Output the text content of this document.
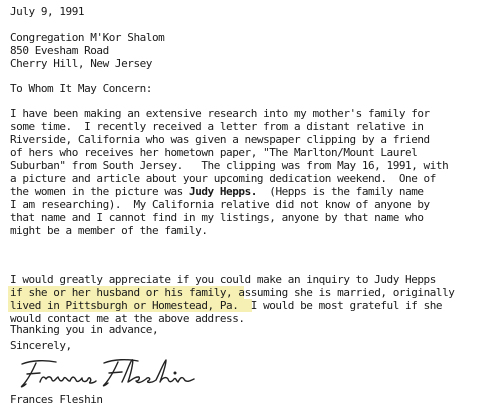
July 9, 1991
Congregation M'Kor Shalom
850 Evesham Road
Cherry Hill, New Jersey
To Whom It May Concern:
I have been making an extensive research into my mother's family for
some time.  I recently received a letter from a distant relative in
Riverside, California who was given a newspaper clipping by a friend
of hers who receives her hometown paper, "The Marlton/Mount Laurel
Suburban" from South Jersey.   The clipping was from May 16, 1991, with
a picture and article about your upcoming dedication weekend.  One of
the women in the picture was Judy Hepps.  (Hepps is the family name
I am researching).  My California relative did not know of anyone by
that name and I cannot find in my listings, anyone by that name who
might be a member of the family.
I would greatly appreciate if you could make an inquiry to Judy Hepps
if she or her husband or his family, assuming she is married, originally
lived in Pittsburgh or Homestead, Pa.  I would be most grateful if she
would contact me at the above address.
Thanking you in advance,
Sincerely,
Frances Fleshin
